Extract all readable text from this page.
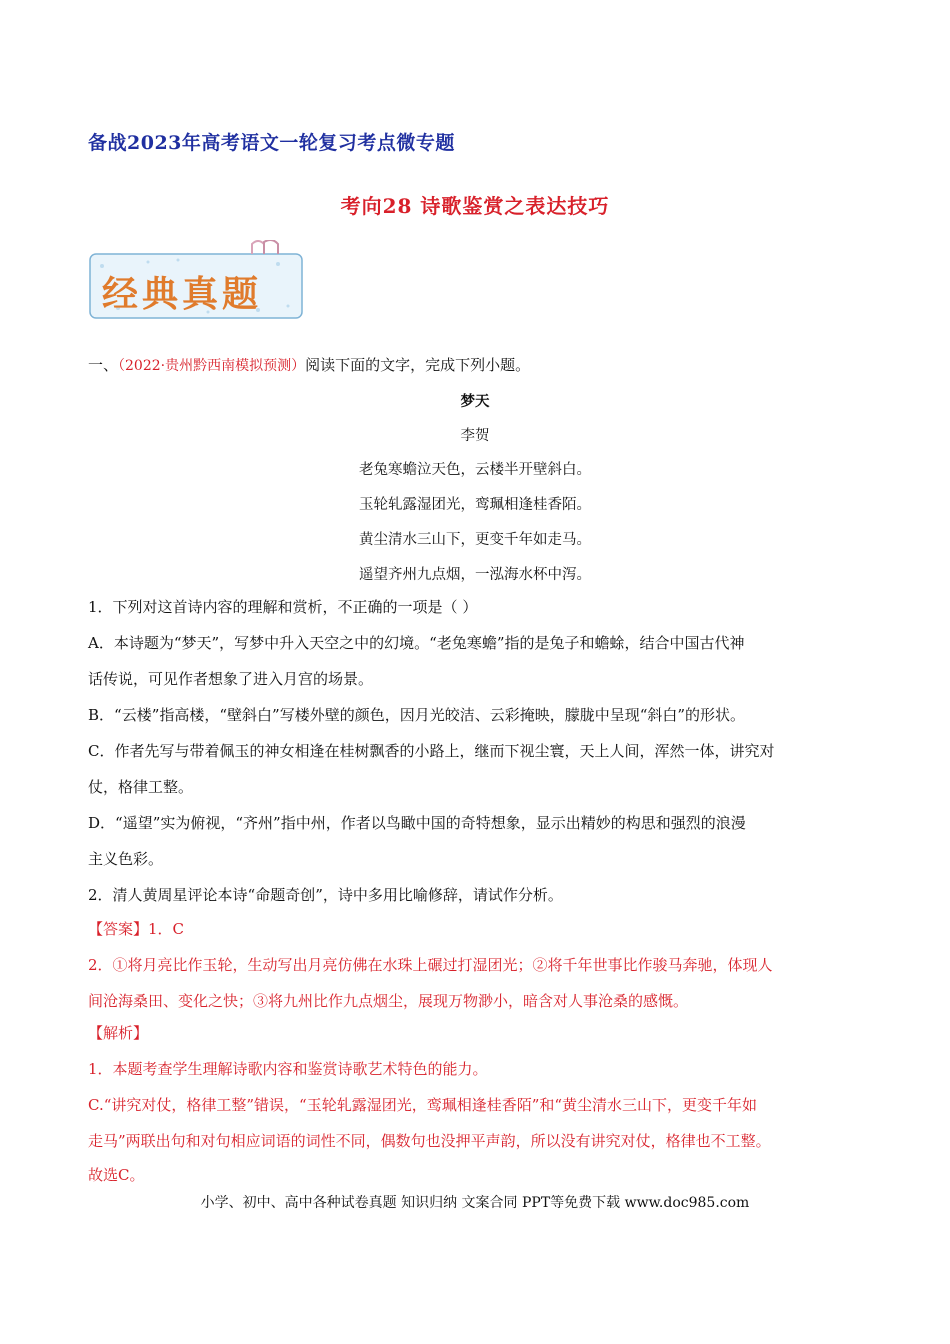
备战2023年高考语文一轮复习考点微专题
考向28 诗歌鉴赏之表达技巧
经典真题
一、（2022·贵州黔西南模拟预测）阅读下面的文字，完成下列小题。
梦天
李贺
老兔寒蟾泣天色，云楼半开壁斜白。
玉轮轧露湿团光，鸾珮相逢桂香陌。
黄尘清水三山下，更变千年如走马。
遥望齐州九点烟，一泓海水杯中泻。
1．下列对这首诗内容的理解和赏析，不正确的一项是（ ）
A．本诗题为“梦天”，写梦中升入天空之中的幻境。“老兔寒蟾”指的是兔子和蟾蜍，结合中国古代神
话传说，可见作者想象了进入月宫的场景。
B．“云楼”指高楼，“壁斜白”写楼外壁的颜色，因月光皎洁、云彩掩映，朦胧中呈现“斜白”的形状。
C．作者先写与带着佩玉的神女相逢在桂树飘香的小路上，继而下视尘寰，天上人间，浑然一体，讲究对
仗，格律工整。
D．“遥望”实为俯视，“齐州”指中州，作者以鸟瞰中国的奇特想象，显示出精妙的构思和强烈的浪漫
主义色彩。
2．清人黄周星评论本诗“命题奇创”，诗中多用比喻修辞，请试作分析。
【答案】1．C
2．①将月亮比作玉轮，生动写出月亮仿佛在水珠上碾过打湿团光；②将千年世事比作骏马奔驰，体现人
间沧海桑田、变化之快；③将九州比作九点烟尘，展现万物渺小，暗含对人事沧桑的感慨。
【解析】
1．本题考查学生理解诗歌内容和鉴赏诗歌艺术特色的能力。
C.“讲究对仗，格律工整”错误，“玉轮轧露湿团光，鸾珮相逢桂香陌”和“黄尘清水三山下，更变千年如
走马”两联出句和对句相应词语的词性不同，偶数句也没押平声韵，所以没有讲究对仗，格律也不工整。
故选C。
小学、初中、高中各种试卷真题 知识归纳 文案合同 PPT等免费下载 www.doc985.com
